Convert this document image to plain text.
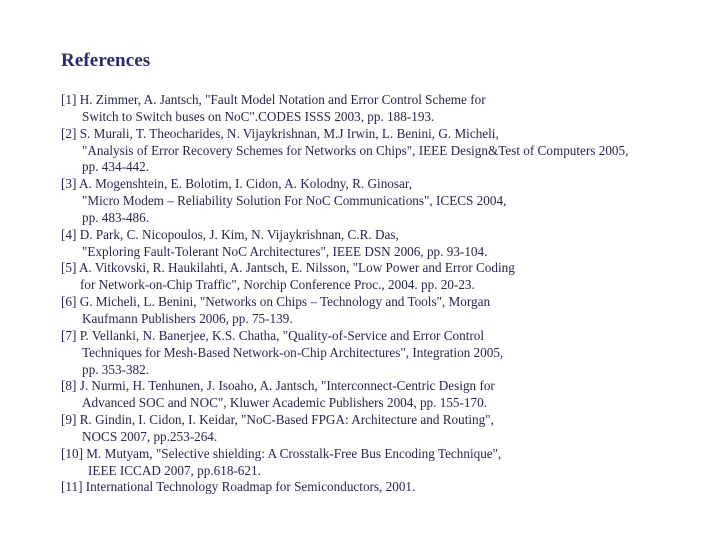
References
[1] H. Zimmer, A. Jantsch, "Fault Model Notation and Error Control Scheme for
Switch to Switch buses on NoC".CODES ISSS 2003, pp. 188-193.
[2] S. Murali, T. Theocharides, N. Vijaykrishnan, M.J Irwin, L. Benini, G. Micheli,
"Analysis of Error Recovery Schemes for Networks on Chips", IEEE Design&Test of Computers 2005,
pp. 434-442.
[3] A. Mogenshtein, E. Bolotim, I. Cidon, A. Kolodny, R. Ginosar,
"Micro Modem – Reliability Solution For NoC Communications", ICECS 2004,
pp. 483-486.
[4] D. Park, C. Nicopoulos, J. Kim, N. Vijaykrishnan, C.R. Das,
"Exploring Fault-Tolerant NoC Architectures", IEEE DSN 2006, pp. 93-104.
[5] A. Vitkovski, R. Haukilahti, A. Jantsch, E. Nilsson, "Low Power and Error Coding
for Network-on-Chip Traffic", Norchip Conference Proc., 2004. pp. 20-23.
[6] G. Micheli, L. Benini, "Networks on Chips – Technology and Tools", Morgan
Kaufmann Publishers 2006, pp. 75-139.
[7] P. Vellanki, N. Banerjee, K.S. Chatha, "Quality-of-Service and Error Control
Techniques for Mesh-Based Network-on-Chip Architectures", Integration 2005,
pp. 353-382.
[8] J. Nurmi, H. Tenhunen, J. Isoaho, A. Jantsch, "Interconnect-Centric Design for
Advanced SOC and NOC", Kluwer Academic Publishers 2004, pp. 155-170.
[9] R. Gindin, I. Cidon, I. Keidar, "NoC-Based FPGA: Architecture and Routing",
NOCS 2007, pp.253-264.
[10] M. Mutyam, "Selective shielding: A Crosstalk-Free Bus Encoding Technique",
IEEE ICCAD 2007, pp.618-621.
[11] International Technology Roadmap for Semiconductors, 2001.
